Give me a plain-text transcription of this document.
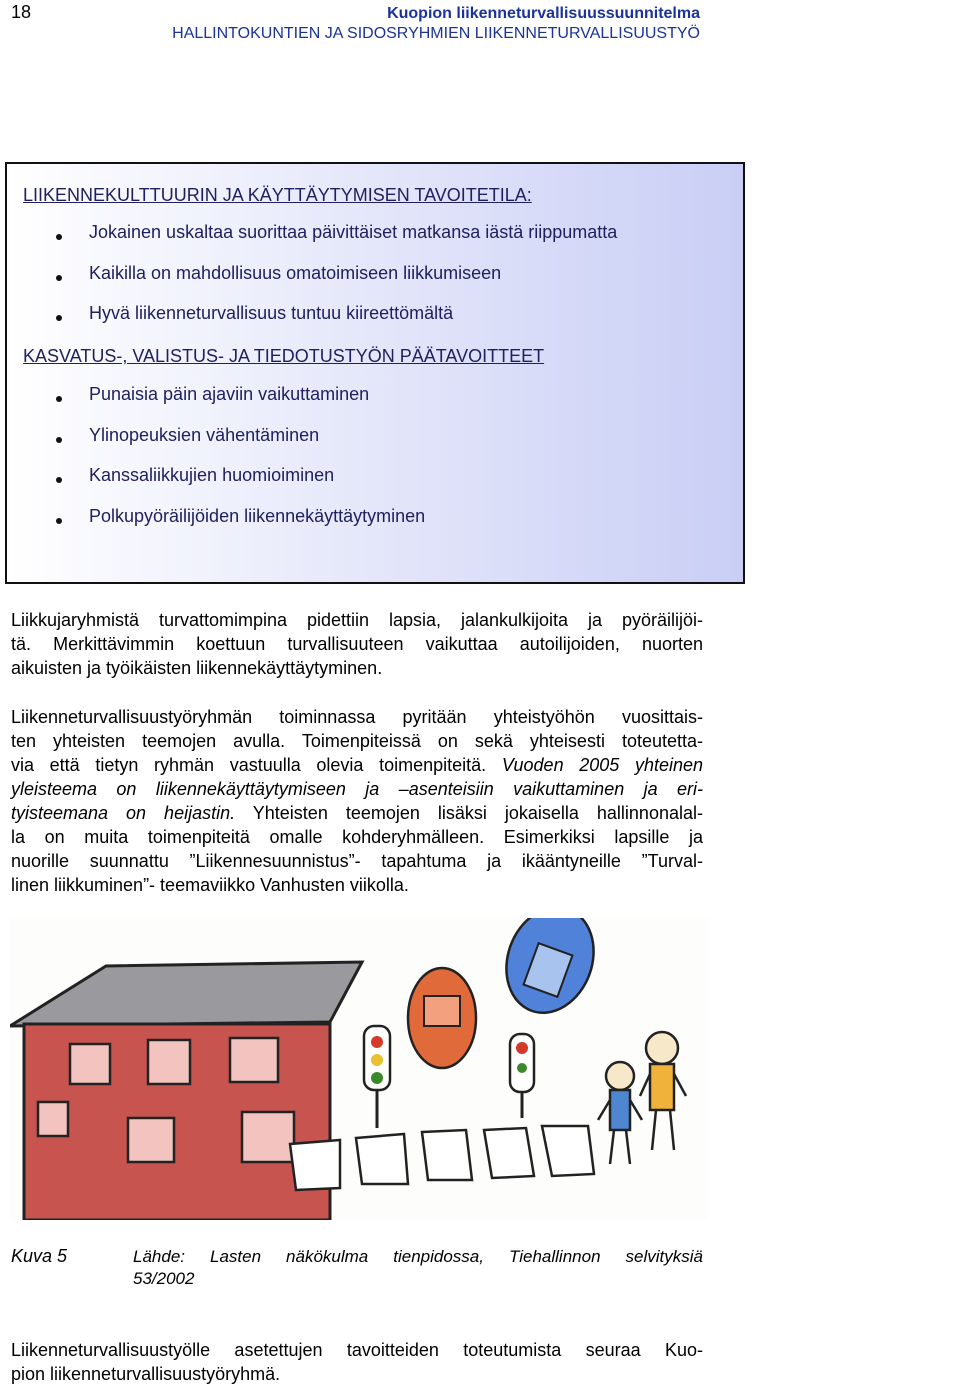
18	Kuopion liikenneturvallisuussuunnitelma
HALLINTOKUNTIEN JA SIDOSRYHMIEN LIIKENNETURVALLISUUSTYÖ
LIIKENNEKULTTUURIN JA KÄYTTÄYTYMISEN TAVOITETILA:
Jokainen uskaltaa suorittaa päivittäiset matkansa iästä riippumatta
Kaikilla on mahdollisuus omatoimiseen liikkumiseen
Hyvä liikenneturvallisuus tuntuu kiireettömältä
KASVATUS-, VALISTUS- JA TIEDOTUSTYÖN PÄÄTAVOITTEET
Punaisia päin ajaviin vaikuttaminen
Ylinopeuksien vähentäminen
Kanssaliikkujien huomioiminen
Polkupyöräilijöiden liikennekäyttäytyminen
Liikkujaryhmistä turvattomimpina pidettiin lapsia, jalankulkijoita ja pyöräilijöi-
tä. Merkittävimmin koettuun turvallisuuteen vaikuttaa autoilijoiden, nuorten
aikuisten ja työikäisten liikennekäyttäytyminen.
Liikenneturvallisuustyöryhmän toiminnassa pyritään yhteistyöhön vuosittais-
ten yhteisten teemojen avulla. Toimenpiteissä on sekä yhteisesti toteutetta-
via että tietyn ryhmän vastuulla olevia toimenpiteitä. Vuoden 2005 yhteinen
yleisteema on liikennekäyttäytymiseen ja –asenteisiin vaikuttaminen ja eri-
tyisteemana on heijastin. Yhteisten teemojen lisäksi jokaisella hallinnonalal-
la on muita toimenpiteitä omalle kohderyhmälleen. Esimerkiksi lapsille ja
nuorille suunnattu ”Liikennesuunnistus”- tapahtuma ja ikääntyneille ”Turval-
linen liikkuminen”- teemaviikko Vanhusten viikolla.
Kuva 5	Lähde: Lasten näkökulma tienpidossa, Tiehallinnon selvityksiä
53/2002
Liikenneturvallisuustyölle asetettujen tavoitteiden toteutumista seuraa Kuo-
pion liikenneturvallisuustyöryhmä.
